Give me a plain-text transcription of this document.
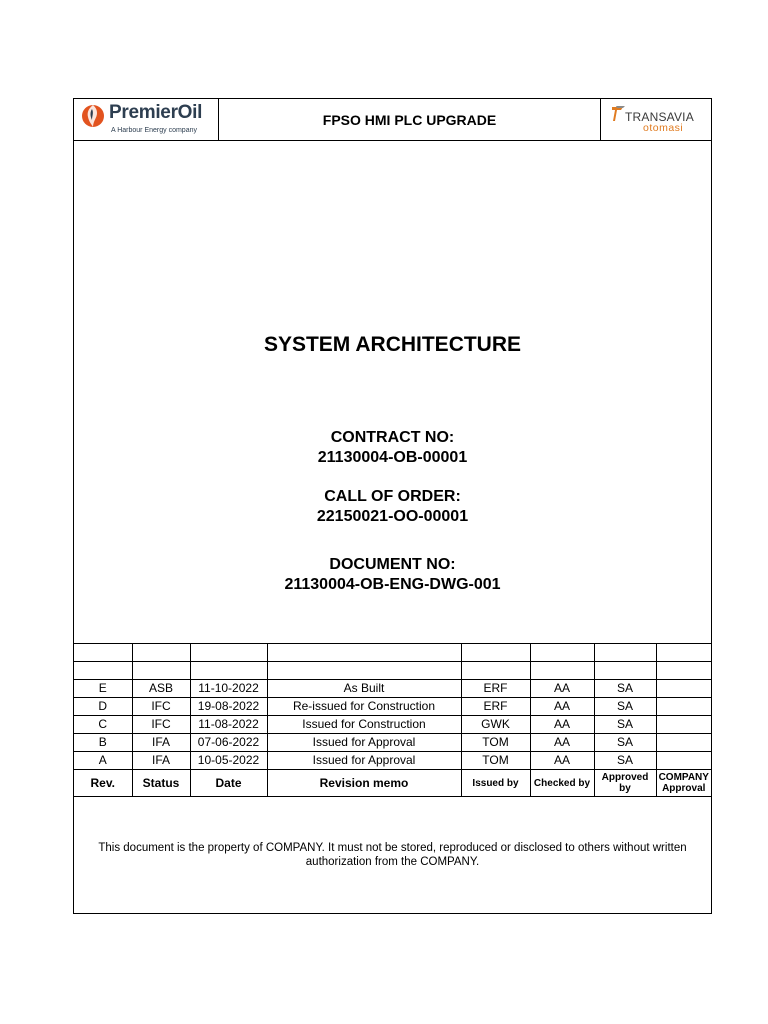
PremierOil
A Harbour Energy company
FPSO HMI PLC UPGRADE	TRANSAVIA
otomasi
SYSTEM ARCHITECTURE
CONTRACT NO:
21130004-OB-00001
CALL OF ORDER:
22150021-OO-00001
DOCUMENT NO:
21130004-OB-ENG-DWG-001

E	ASB	11-10-2022	As Built	ERF	AA	SA	
D	IFC	19-08-2022	Re-issued for Construction	ERF	AA	SA	
C	IFC	11-08-2022	Issued for Construction	GWK	AA	SA	
B	IFA	07-06-2022	Issued for Approval	TOM	AA	SA	
A	IFA	10-05-2022	Issued for Approval	TOM	AA	SA	
Rev.	Status	Date	Revision memo	Issued by	Checked by	Approved by	COMPANY Approval
This document is the property of COMPANY. It must not be stored, reproduced or disclosed to others without written
authorization from the COMPANY.
